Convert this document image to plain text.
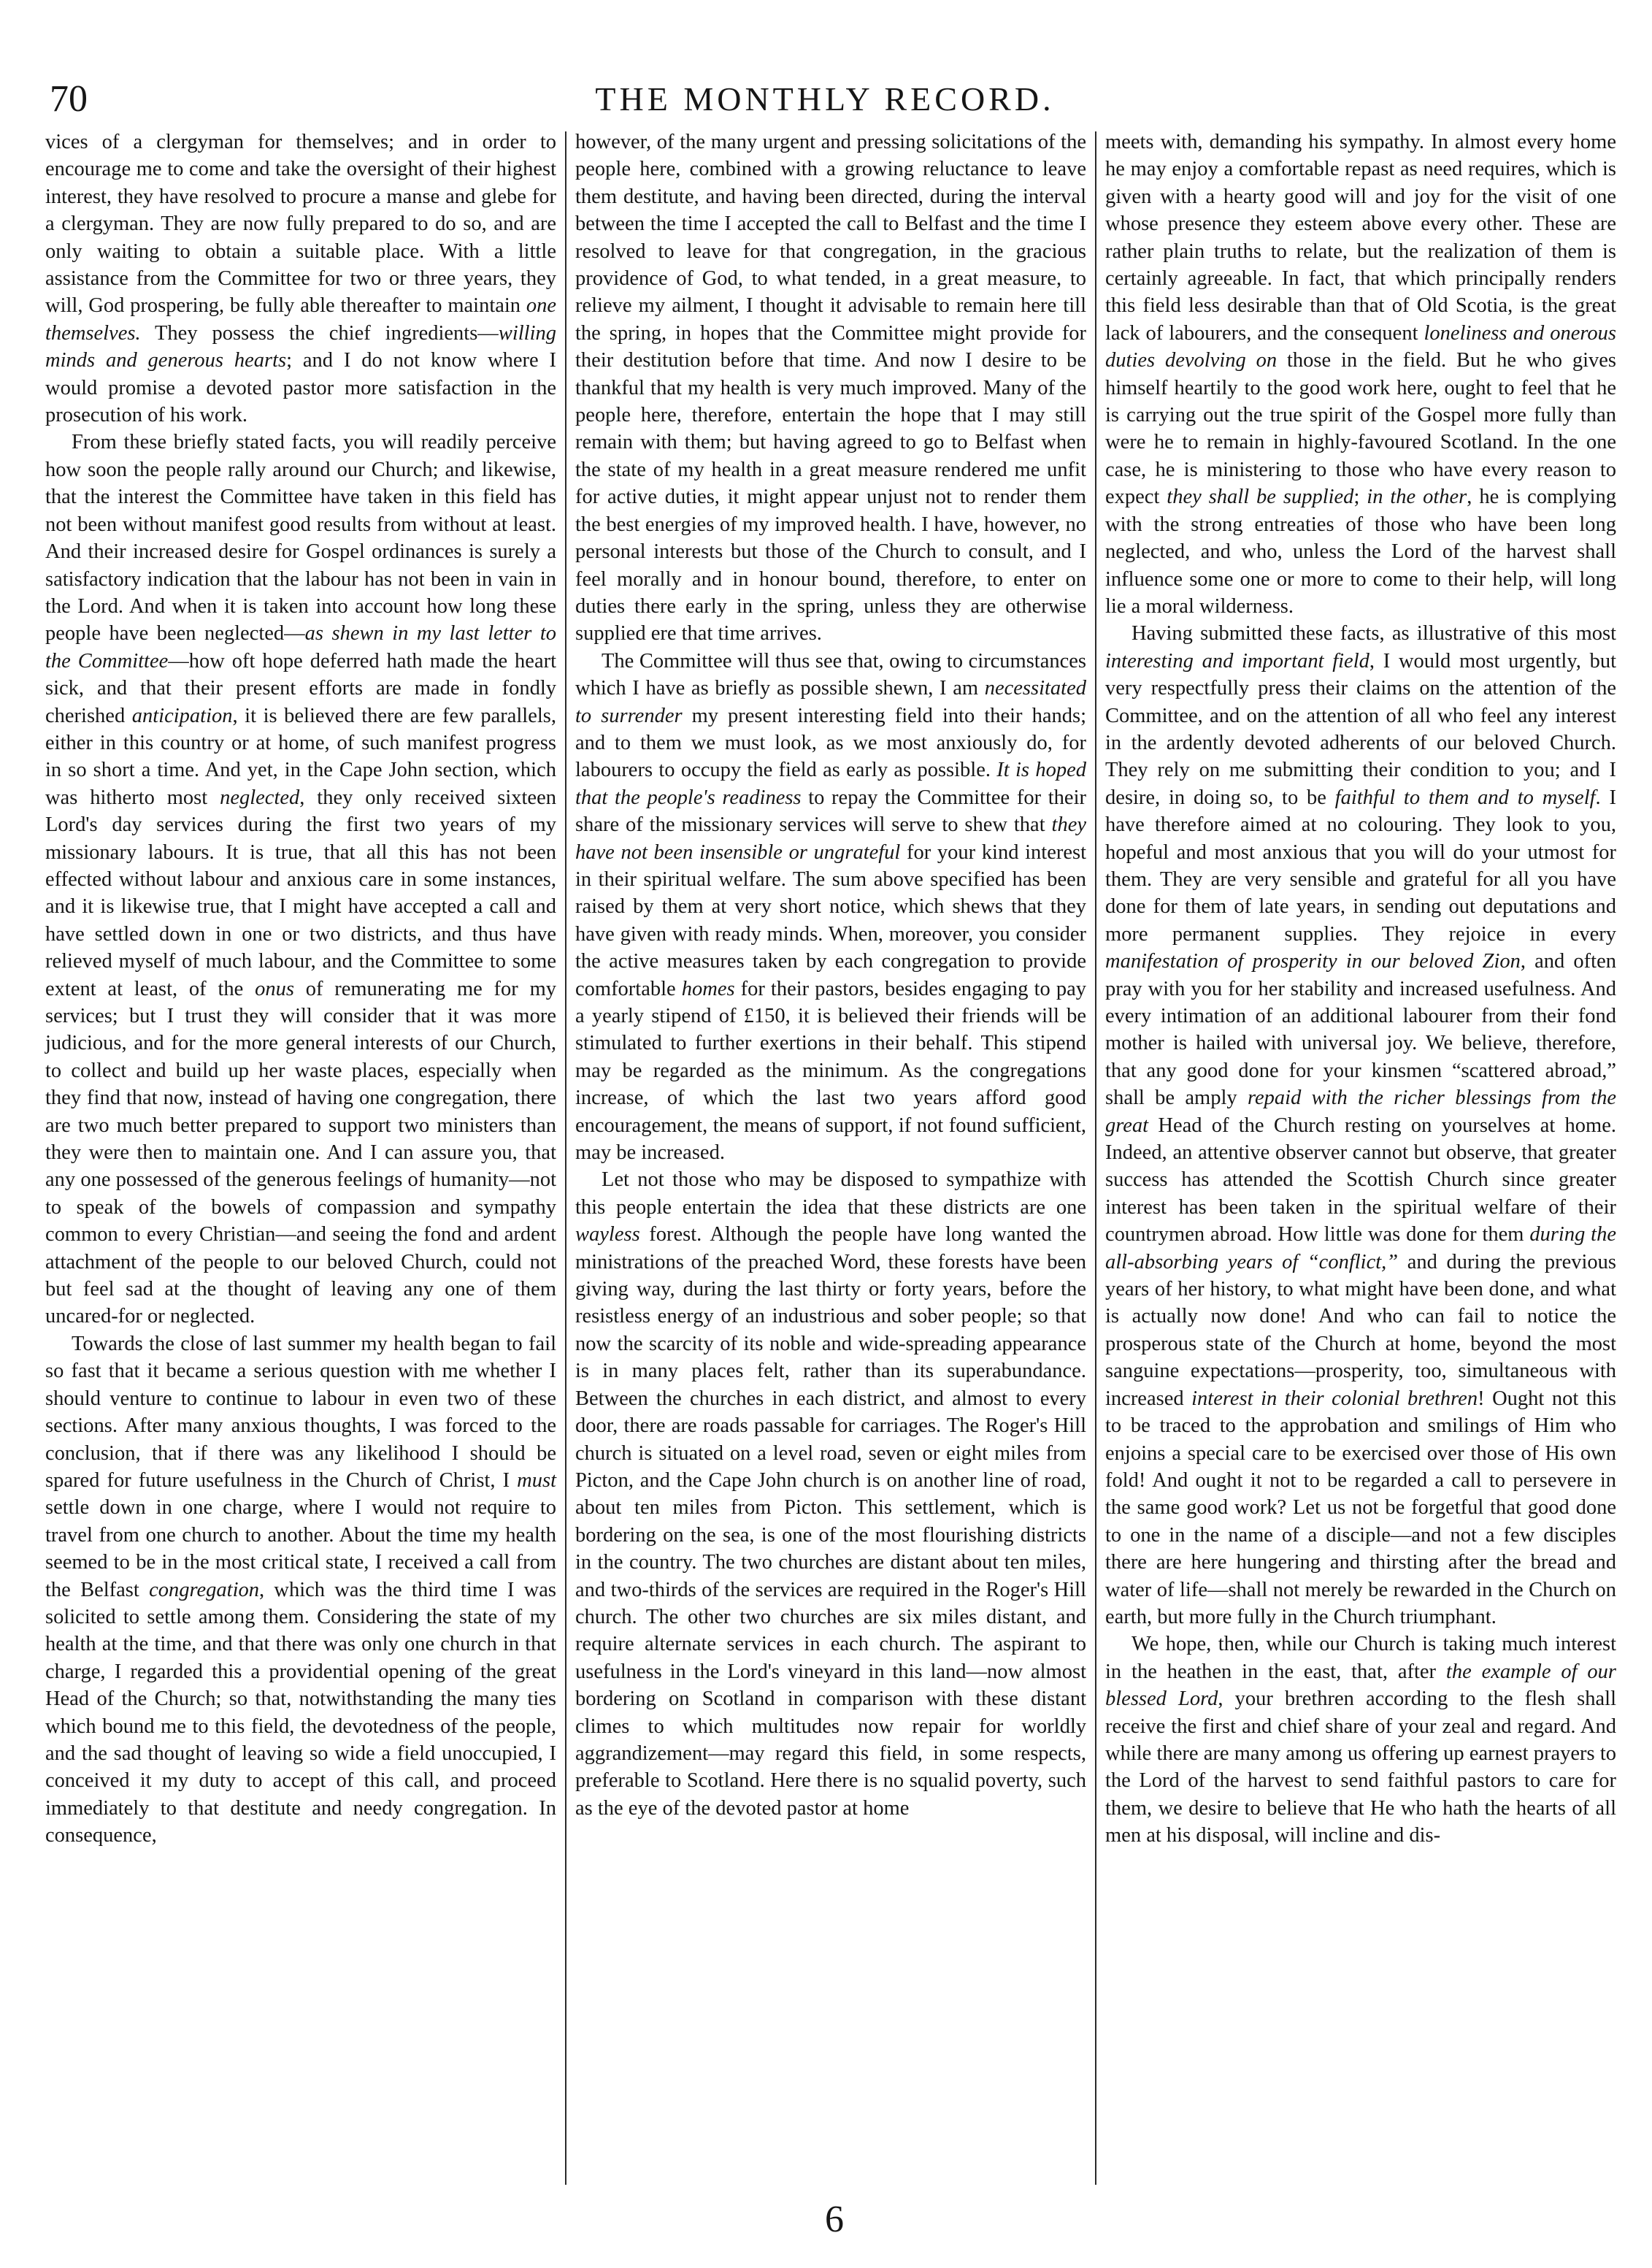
70	THE MONTHLY RECORD.

vices of a clergyman for themselves; and in order to encourage me to come and take the oversight of their highest interest, they have resolved to procure a manse and glebe for a clergyman. They are now fully prepared to do so, and are only waiting to obtain a suitable place. With a little assistance from the Committee for two or three years, they will, God prospering, be fully able thereafter to maintain one themselves. They possess the chief ingredients—willing minds and generous hearts; and I do not know where I would promise a devoted pastor more satisfaction in the prosecution of his work.

From these briefly stated facts, you will readily perceive how soon the people rally around our Church; and likewise, that the interest the Committee have taken in this field has not been without manifest good results from without at least. And their increased desire for Gospel ordinances is surely a satisfactory indication that the labour has not been in vain in the Lord. And when it is taken into account how long these people have been neglected—as shewn in my last letter to the Committee—how oft hope deferred hath made the heart sick, and that their present efforts are made in fondly cherished anticipation, it is believed there are few parallels, either in this country or at home, of such manifest progress in so short a time. And yet, in the Cape John section, which was hitherto most neglected, they only received sixteen Lord's day services during the first two years of my missionary labours. It is true, that all this has not been effected without labour and anxious care in some instances, and it is likewise true, that I might have accepted a call and have settled down in one or two districts, and thus have relieved myself of much labour, and the Committee to some extent at least, of the onus of remunerating me for my services; but I trust they will consider that it was more judicious, and for the more general interests of our Church, to collect and build up her waste places, especially when they find that now, instead of having one congregation, there are two much better prepared to support two ministers than they were then to maintain one. And I can assure you, that any one possessed of the generous feelings of humanity—not to speak of the bowels of compassion and sympathy common to every Christian—and seeing the fond and ardent attachment of the people to our beloved Church, could not but feel sad at the thought of leaving any one of them uncared-for or neglected.

Towards the close of last summer my health began to fail so fast that it became a serious question with me whether I should venture to continue to labour in even two of these sections. After many anxious thoughts, I was forced to the conclusion, that if there was any likelihood I should be spared for future usefulness in the Church of Christ, I must settle down in one charge, where I would not require to travel from one church to another. About the time my health seemed to be in the most critical state, I received a call from the Belfast congregation, which was the third time I was solicited to settle among them. Considering the state of my health at the time, and that there was only one church in that charge, I regarded this a providential opening of the great Head of the Church; so that, notwithstanding the many ties which bound me to this field, the devotedness of the people, and the sad thought of leaving so wide a field unoccupied, I conceived it my duty to accept of this call, and proceed immediately to that destitute and needy congregation. In consequence,

however, of the many urgent and pressing solicitations of the people here, combined with a growing reluctance to leave them destitute, and having been directed, during the interval between the time I accepted the call to Belfast and the time I resolved to leave for that congregation, in the gracious providence of God, to what tended, in a great measure, to relieve my ailment, I thought it advisable to remain here till the spring, in hopes that the Committee might provide for their destitution before that time. And now I desire to be thankful that my health is very much improved. Many of the people here, therefore, entertain the hope that I may still remain with them; but having agreed to go to Belfast when the state of my health in a great measure rendered me unfit for active duties, it might appear unjust not to render them the best energies of my improved health. I have, however, no personal interests but those of the Church to consult, and I feel morally and in honour bound, therefore, to enter on duties there early in the spring, unless they are otherwise supplied ere that time arrives.

The Committee will thus see that, owing to circumstances which I have as briefly as possible shewn, I am necessitated to surrender my present interesting field into their hands; and to them we must look, as we most anxiously do, for labourers to occupy the field as early as possible. It is hoped that the people's readiness to repay the Committee for their share of the missionary services will serve to shew that they have not been insensible or ungrateful for your kind interest in their spiritual welfare. The sum above specified has been raised by them at very short notice, which shews that they have given with ready minds. When, moreover, you consider the active measures taken by each congregation to provide comfortable homes for their pastors, besides engaging to pay a yearly stipend of £150, it is believed their friends will be stimulated to further exertions in their behalf. This stipend may be regarded as the minimum. As the congregations increase, of which the last two years afford good encouragement, the means of support, if not found sufficient, may be increased.

Let not those who may be disposed to sympathize with this people entertain the idea that these districts are one wayless forest. Although the people have long wanted the ministrations of the preached Word, these forests have been giving way, during the last thirty or forty years, before the resistless energy of an industrious and sober people; so that now the scarcity of its noble and wide-spreading appearance is in many places felt, rather than its superabundance. Between the churches in each district, and almost to every door, there are roads passable for carriages. The Roger's Hill church is situated on a level road, seven or eight miles from Picton, and the Cape John church is on another line of road, about ten miles from Picton. This settlement, which is bordering on the sea, is one of the most flourishing districts in the country. The two churches are distant about ten miles, and two-thirds of the services are required in the Roger's Hill church. The other two churches are six miles distant, and require alternate services in each church. The aspirant to usefulness in the Lord's vineyard in this land—now almost bordering on Scotland in comparison with these distant climes to which multitudes now repair for worldly aggrandizement—may regard this field, in some respects, preferable to Scotland. Here there is no squalid poverty, such as the eye of the devoted pastor at home

meets with, demanding his sympathy. In almost every home he may enjoy a comfortable repast as need requires, which is given with a hearty good will and joy for the visit of one whose presence they esteem above every other. These are rather plain truths to relate, but the realization of them is certainly agreeable. In fact, that which principally renders this field less desirable than that of Old Scotia, is the great lack of labourers, and the consequent loneliness and onerous duties devolving on those in the field. But he who gives himself heartily to the good work here, ought to feel that he is carrying out the true spirit of the Gospel more fully than were he to remain in highly-favoured Scotland. In the one case, he is ministering to those who have every reason to expect they shall be supplied; in the other, he is complying with the strong entreaties of those who have been long neglected, and who, unless the Lord of the harvest shall influence some one or more to come to their help, will long lie a moral wilderness.

Having submitted these facts, as illustrative of this most interesting and important field, I would most urgently, but very respectfully press their claims on the attention of the Committee, and on the attention of all who feel any interest in the ardently devoted adherents of our beloved Church. They rely on me submitting their condition to you; and I desire, in doing so, to be faithful to them and to myself. I have therefore aimed at no colouring. They look to you, hopeful and most anxious that you will do your utmost for them. They are very sensible and grateful for all you have done for them of late years, in sending out deputations and more permanent supplies. They rejoice in every manifestation of prosperity in our beloved Zion, and often pray with you for her stability and increased usefulness. And every intimation of an additional labourer from their fond mother is hailed with universal joy. We believe, therefore, that any good done for your kinsmen “scattered abroad,” shall be amply repaid with the richer blessings from the great Head of the Church resting on yourselves at home. Indeed, an attentive observer cannot but observe, that greater success has attended the Scottish Church since greater interest has been taken in the spiritual welfare of their countrymen abroad. How little was done for them during the all-absorbing years of “conflict,” and during the previous years of her history, to what might have been done, and what is actually now done! And who can fail to notice the prosperous state of the Church at home, beyond the most sanguine expectations—prosperity, too, simultaneous with increased interest in their colonial brethren! Ought not this to be traced to the approbation and smilings of Him who enjoins a special care to be exercised over those of His own fold! And ought it not to be regarded a call to persevere in the same good work? Let us not be forgetful that good done to one in the name of a disciple—and not a few disciples there are here hungering and thirsting after the bread and water of life—shall not merely be rewarded in the Church on earth, but more fully in the Church triumphant.

We hope, then, while our Church is taking much interest in the heathen in the east, that, after the example of our blessed Lord, your brethren according to the flesh shall receive the first and chief share of your zeal and regard. And while there are many among us offering up earnest prayers to the Lord of the harvest to send faithful pastors to care for them, we desire to believe that He who hath the hearts of all men at his disposal, will incline and dis-

6
